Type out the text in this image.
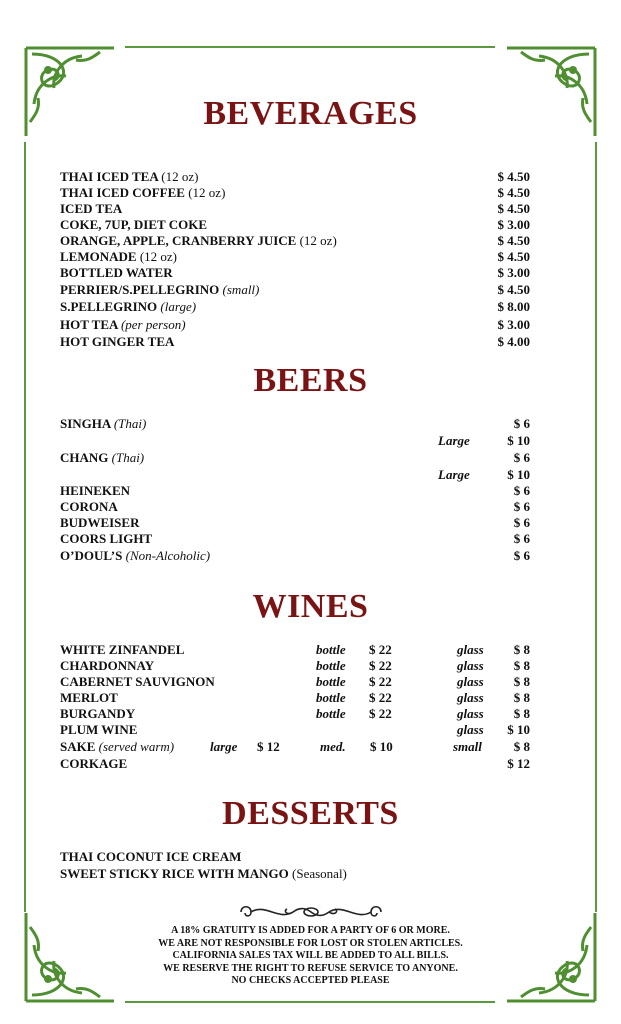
BEVERAGES
THAI ICED TEA (12 oz)	$ 4.50
THAI ICED COFFEE (12 oz)	$ 4.50
ICED TEA	$ 4.50
COKE, 7UP, DIET COKE	$ 3.00
ORANGE, APPLE, CRANBERRY JUICE (12 oz)	$ 4.50
LEMONADE (12 oz)	$ 4.50
BOTTLED WATER	$ 3.00
PERRIER/S.PELLEGRINO (small)	$ 4.50
S.PELLEGRINO (large)	$ 8.00
HOT TEA (per person)	$ 3.00
HOT GINGER TEA	$ 4.00
BEERS
SINGHA (Thai)	$ 6
Large	$ 10
CHANG (Thai)	$ 6
Large	$ 10
HEINEKEN	$ 6
CORONA	$ 6
BUDWEISER	$ 6
COORS LIGHT	$ 6
O’DOUL’S (Non-Alcoholic)	$ 6
WINES
WHITE ZINFANDEL	bottle $ 22	glass $ 8
CHARDONNAY	bottle $ 22	glass $ 8
CABERNET SAUVIGNON	bottle $ 22	glass $ 8
MERLOT	bottle $ 22	glass $ 8
BURGANDY	bottle $ 22	glass $ 8
PLUM WINE	glass $ 10
SAKE (served warm)	large $ 12	med. $ 10	small $ 8
CORKAGE	$ 12
DESSERTS
THAI COCONUT ICE CREAM
SWEET STICKY RICE WITH MANGO (Seasonal)
A 18% GRATUITY IS ADDED FOR A PARTY OF 6 OR MORE.
WE ARE NOT RESPONSIBLE FOR LOST OR STOLEN ARTICLES.
CALIFORNIA SALES TAX WILL BE ADDED TO ALL BILLS.
WE RESERVE THE RIGHT TO REFUSE SERVICE TO ANYONE.
NO CHECKS ACCEPTED PLEASE
